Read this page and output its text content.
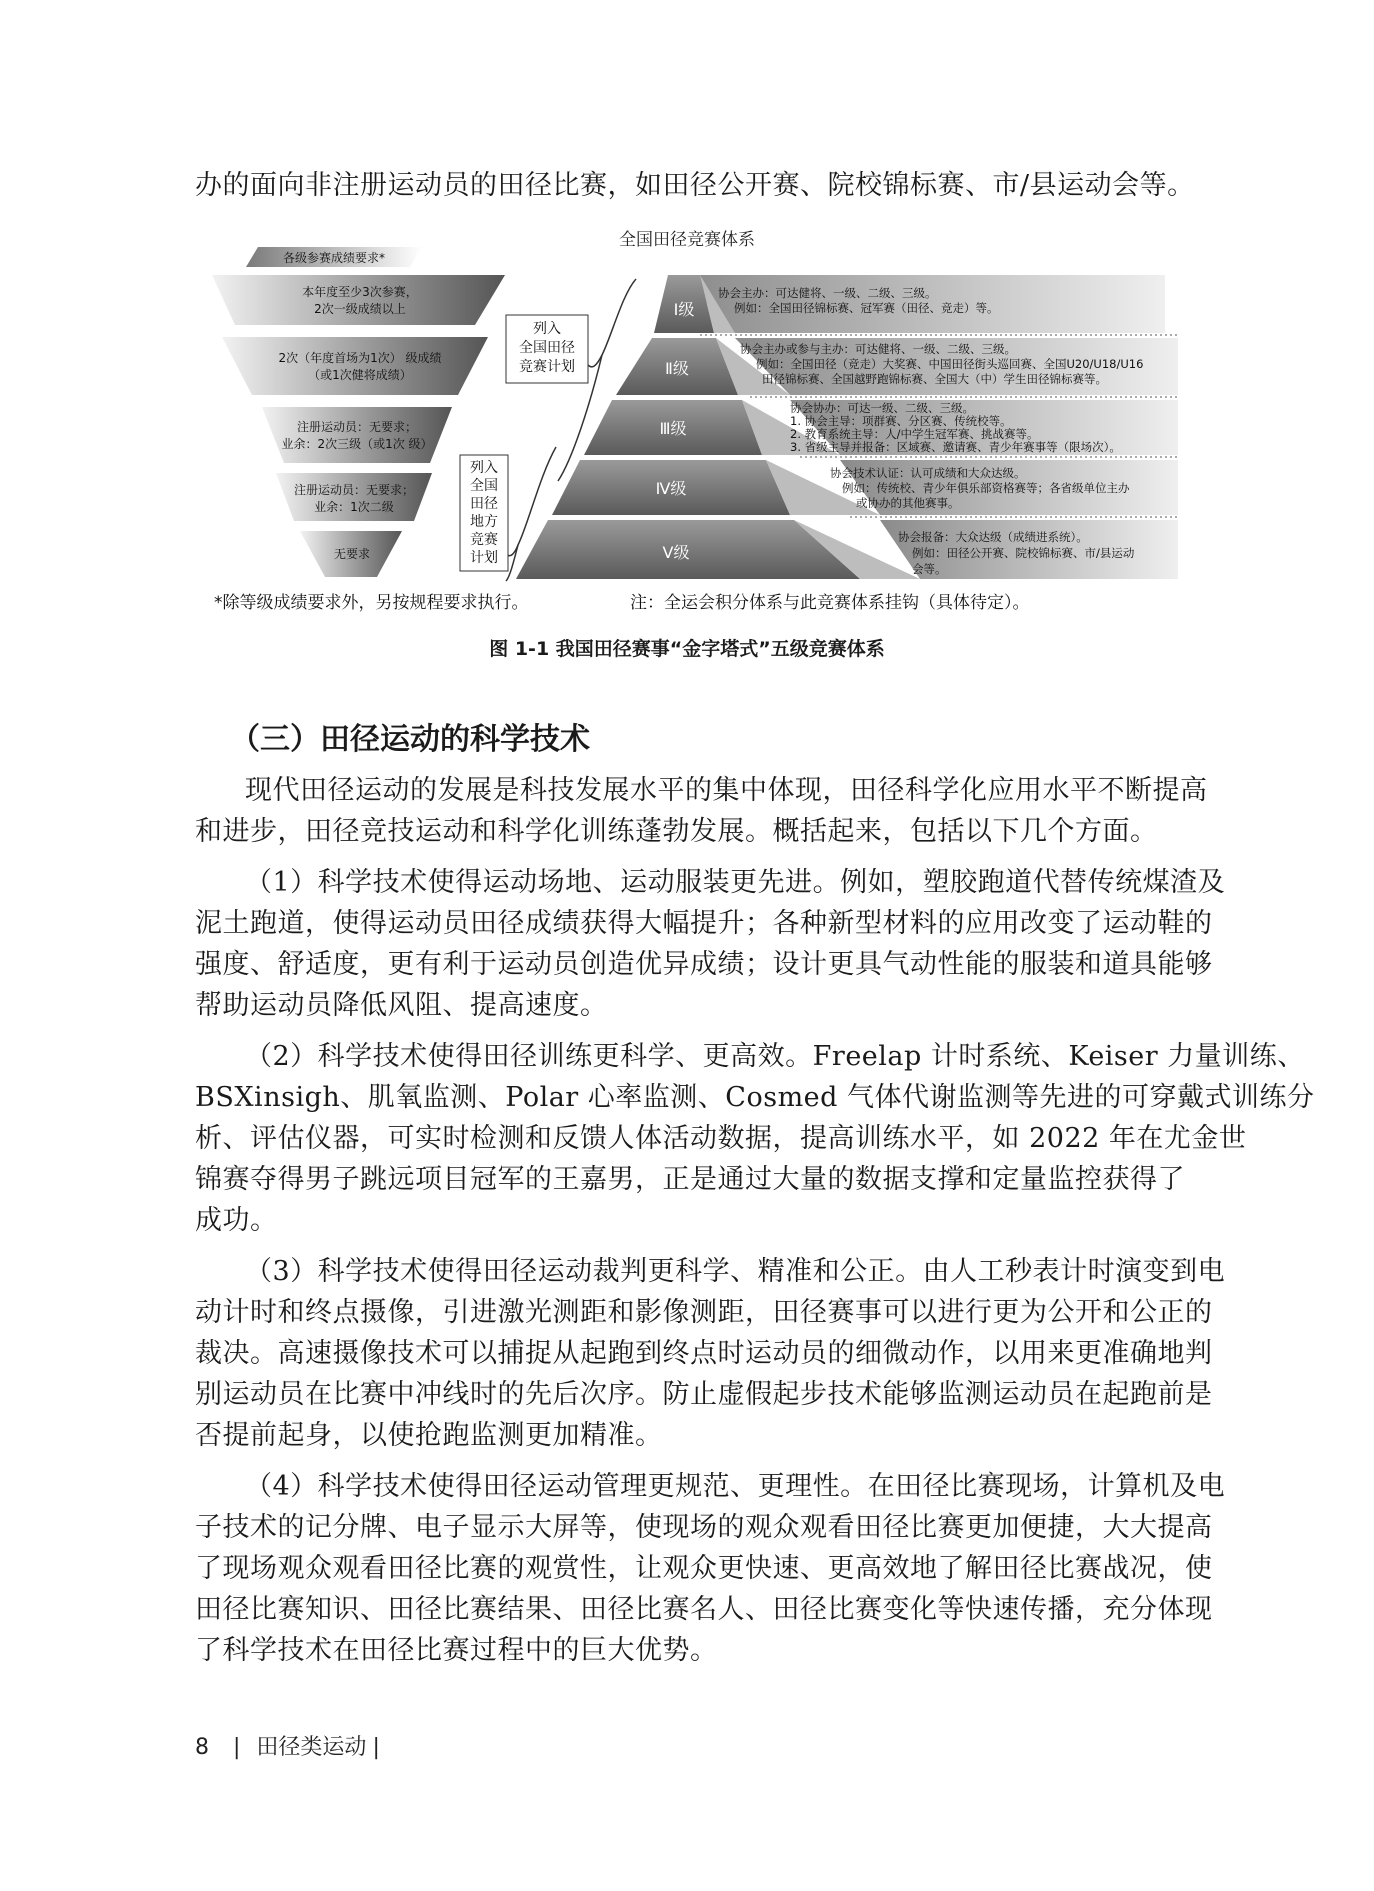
办的面向非注册运动员的田径比赛，如田径公开赛、院校锦标赛、市/县运动会等。
全国田径竞赛体系
各级参赛成绩要求*
本年度至少3次参赛，
2次一级成绩以上
2次（年度首场为1次） 级成绩
（或1次健将成绩）
注册运动员：无要求；
业余：2次三级（或1次 级）
注册运动员：无要求；
业余：1次二级
无要求
列入
全国田径
竞赛计划
列入
全国
田径
地方
竞赛
计划
Ⅰ级
Ⅱ级
Ⅲ级
Ⅳ级
Ⅴ级
协会主办：可达健将、一级、二级、三级。
例如：全国田径锦标赛、冠军赛（田径、竞走）等。
协会主办或参与主办：可达健将、一级、二级、三级。
例如：全国田径（竞走）大奖赛、中国田径街头巡回赛、全国U20/U18/U16
田径锦标赛、全国越野跑锦标赛、全国大（中）学生田径锦标赛等。
协会协办：可达一级、二级、三级。
1. 协会主导：项群赛、分区赛、传统校等。
2. 教育系统主导：人/中学生冠军赛、挑战赛等。
3. 省级主导并报备：区域赛、邀请赛、青少年赛事等（限场次）。
协会技术认证：认可成绩和大众达级。
例如：传统校、青少年俱乐部资格赛等；各省级单位主办
或协办的其他赛事。
协会报备：大众达级（成绩进系统）。
例如：田径公开赛、院校锦标赛、市/县运动
会等。
*除等级成绩要求外，另按规程要求执行。	注：全运会积分体系与此竞赛体系挂钩（具体待定）。
图 1-1 我国田径赛事“金字塔式”五级竞赛体系
（三）田径运动的科学技术
现代田径运动的发展是科技发展水平的集中体现，田径科学化应用水平不断提高
和进步，田径竞技运动和科学化训练蓬勃发展。概括起来，包括以下几个方面。
（1）科学技术使得运动场地、运动服装更先进。例如，塑胶跑道代替传统煤渣及
泥土跑道，使得运动员田径成绩获得大幅提升；各种新型材料的应用改变了运动鞋的
强度、舒适度，更有利于运动员创造优异成绩；设计更具气动性能的服装和道具能够
帮助运动员降低风阻、提高速度。
（2）科学技术使得田径训练更科学、更高效。Freelap 计时系统、Keiser 力量训练、
BSXinsigh、肌氧监测、Polar 心率监测、Cosmed 气体代谢监测等先进的可穿戴式训练分
析、评估仪器，可实时检测和反馈人体活动数据，提高训练水平，如 2022 年在尤金世
锦赛夺得男子跳远项目冠军的王嘉男，正是通过大量的数据支撑和定量监控获得了
成功。
（3）科学技术使得田径运动裁判更科学、精准和公正。由人工秒表计时演变到电
动计时和终点摄像，引进激光测距和影像测距，田径赛事可以进行更为公开和公正的
裁决。高速摄像技术可以捕捉从起跑到终点时运动员的细微动作，以用来更准确地判
别运动员在比赛中冲线时的先后次序。防止虚假起步技术能够监测运动员在起跑前是
否提前起身，以使抢跑监测更加精准。
（4）科学技术使得田径运动管理更规范、更理性。在田径比赛现场，计算机及电
子技术的记分牌、电子显示大屏等，使现场的观众观看田径比赛更加便捷，大大提高
了现场观众观看田径比赛的观赏性，让观众更快速、更高效地了解田径比赛战况，使
田径比赛知识、田径比赛结果、田径比赛名人、田径比赛变化等快速传播，充分体现
了科学技术在田径比赛过程中的巨大优势。
8 | 田径类运动 |
